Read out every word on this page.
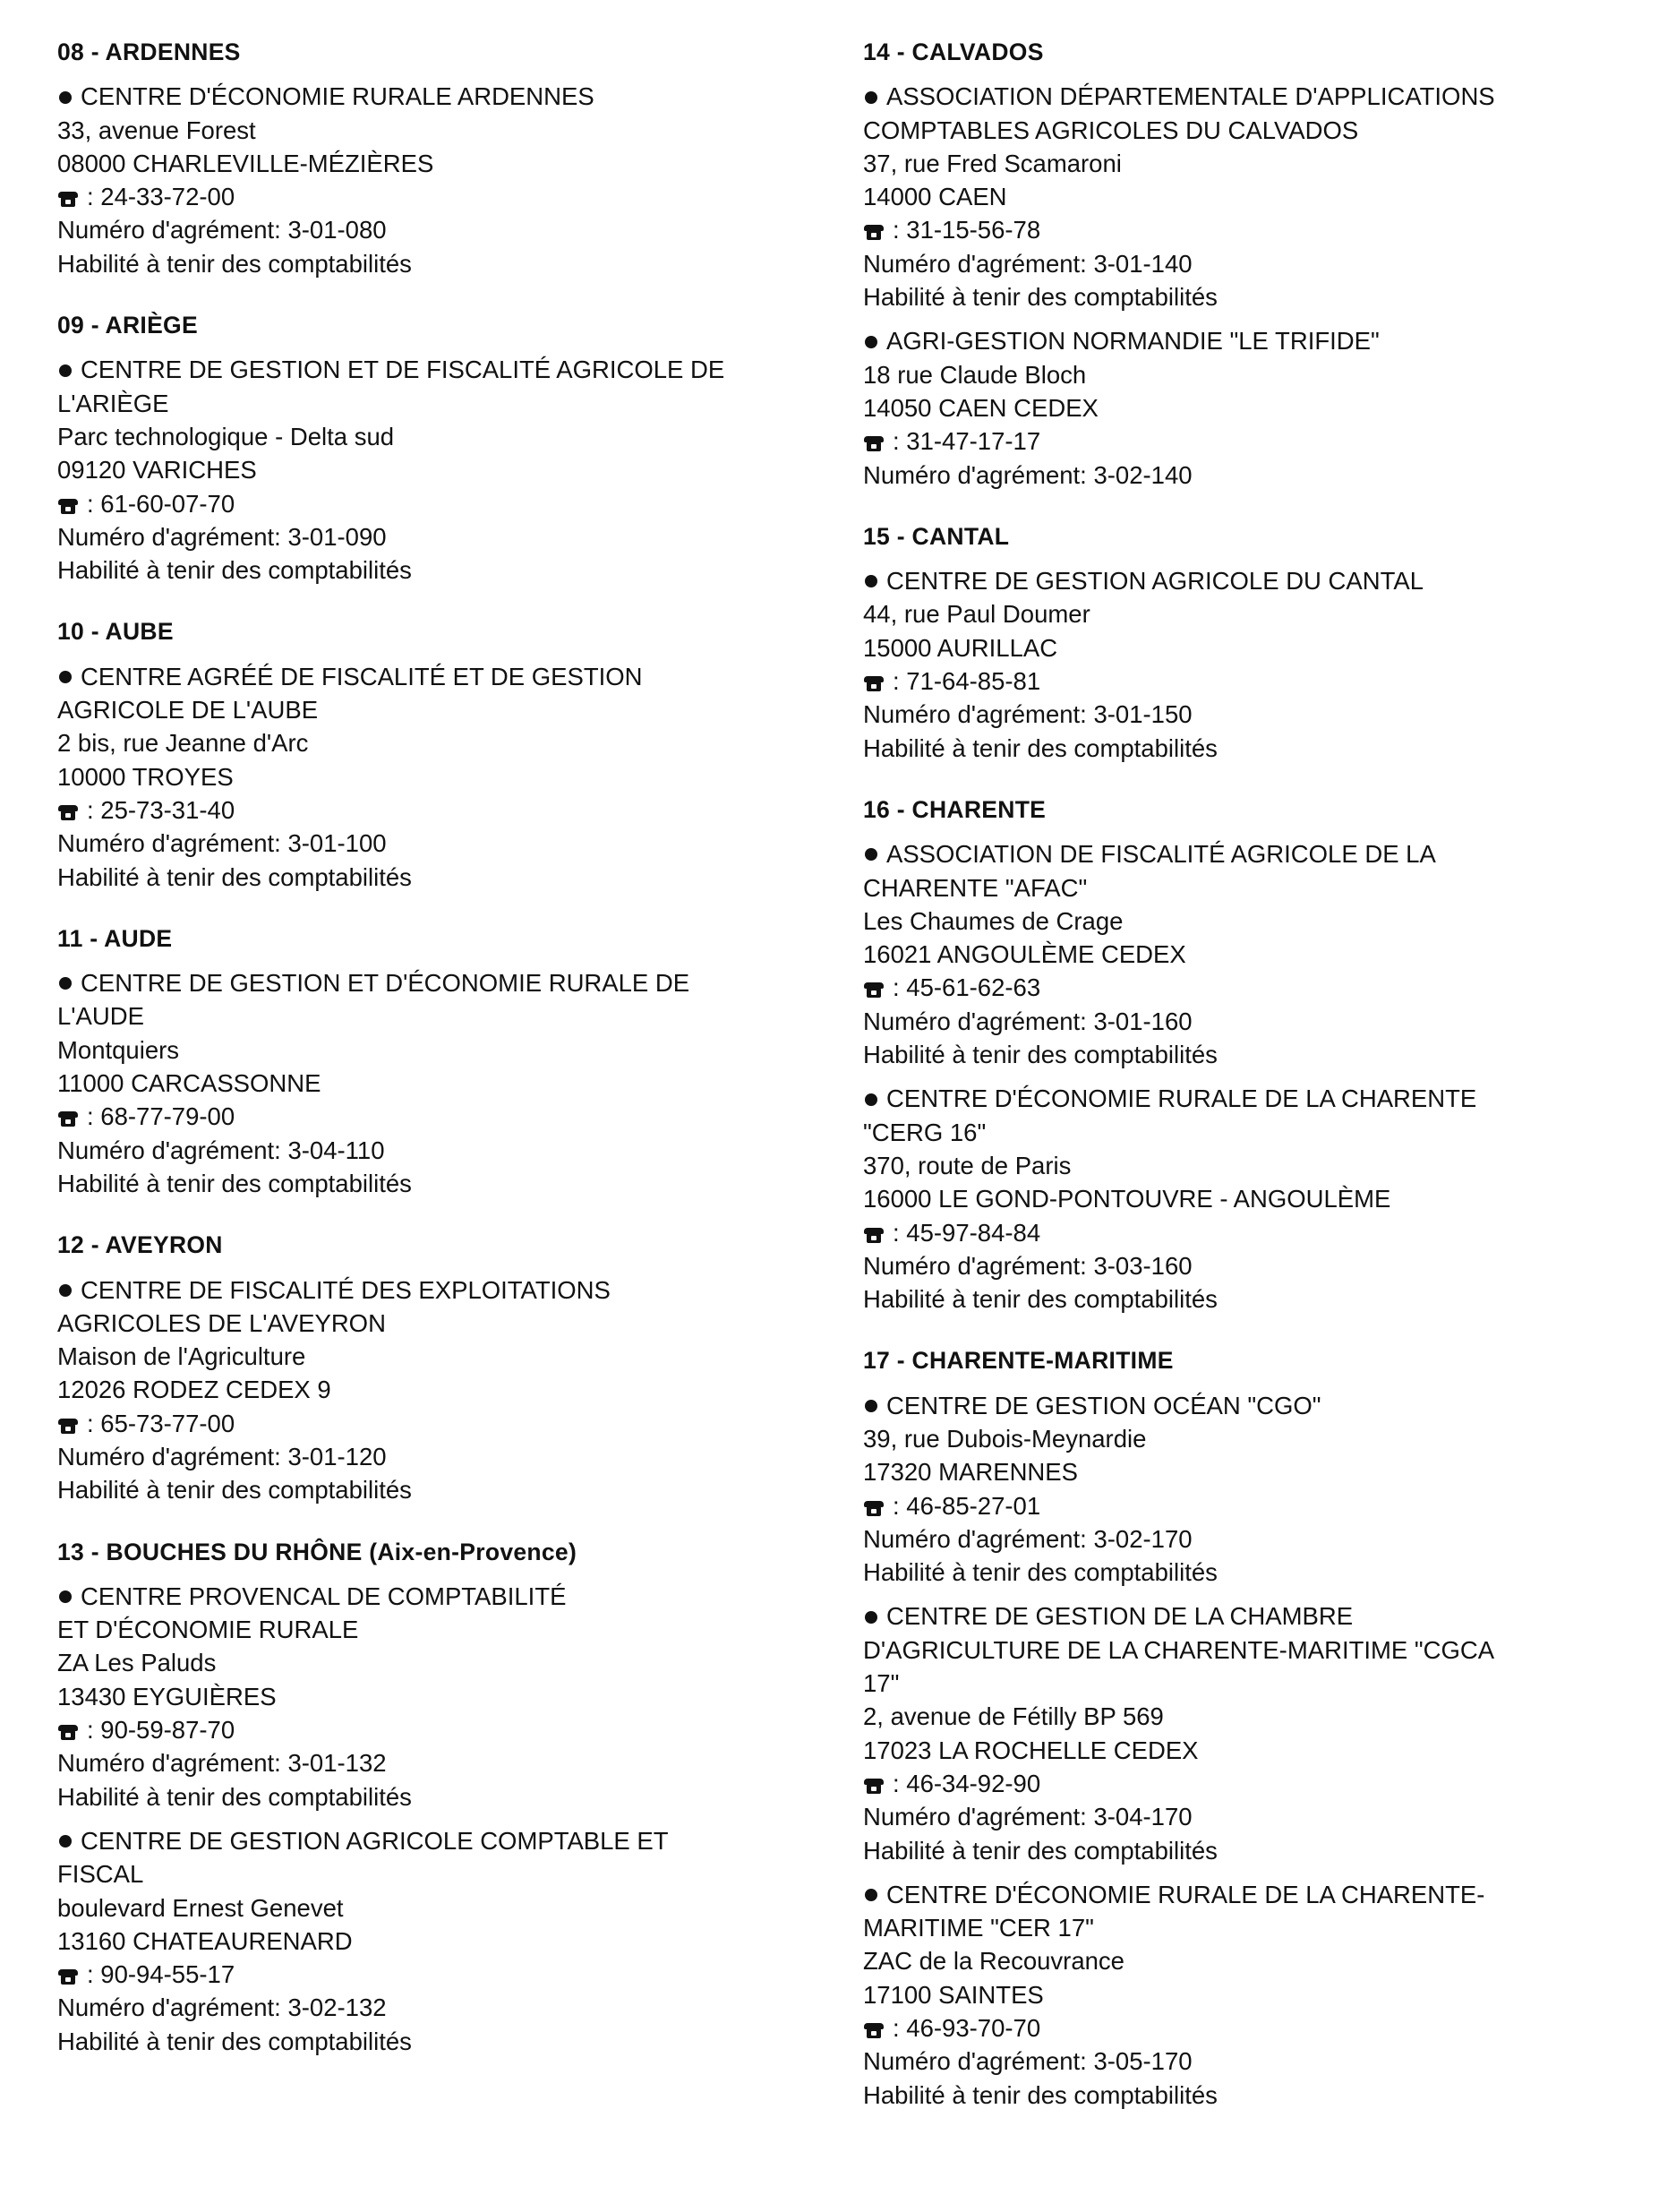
08 - ARDENNES
CENTRE D'ÉCONOMIE RURALE ARDENNES
33, avenue Forest
08000 CHARLEVILLE-MÉZIÈRES
: 24-33-72-00
Numéro d'agrément: 3-01-080
Habilité à tenir des comptabilités
09 - ARIÈGE
CENTRE DE GESTION ET DE FISCALITÉ AGRICOLE DE
L'ARIÈGE
Parc technologique - Delta sud
09120 VARICHES
: 61-60-07-70
Numéro d'agrément: 3-01-090
Habilité à tenir des comptabilités
10 - AUBE
CENTRE AGRÉÉ DE FISCALITÉ ET DE GESTION
AGRICOLE DE L'AUBE
2 bis, rue Jeanne d'Arc
10000 TROYES
: 25-73-31-40
Numéro d'agrément: 3-01-100
Habilité à tenir des comptabilités
11 - AUDE
CENTRE DE GESTION ET D'ÉCONOMIE RURALE DE
L'AUDE
Montquiers
11000 CARCASSONNE
: 68-77-79-00
Numéro d'agrément: 3-04-110
Habilité à tenir des comptabilités
12 - AVEYRON
CENTRE DE FISCALITÉ DES EXPLOITATIONS
AGRICOLES DE L'AVEYRON
Maison de l'Agriculture
12026 RODEZ CEDEX 9
: 65-73-77-00
Numéro d'agrément: 3-01-120
Habilité à tenir des comptabilités
13 - BOUCHES DU RHÔNE (Aix-en-Provence)
CENTRE PROVENCAL DE COMPTABILITÉ
ET D'ÉCONOMIE RURALE
ZA Les Paluds
13430 EYGUIÈRES
: 90-59-87-70
Numéro d'agrément: 3-01-132
Habilité à tenir des comptabilités
CENTRE DE GESTION AGRICOLE COMPTABLE ET
FISCAL
boulevard Ernest Genevet
13160 CHATEAURENARD
: 90-94-55-17
Numéro d'agrément: 3-02-132
Habilité à tenir des comptabilités
14 - CALVADOS
ASSOCIATION DÉPARTEMENTALE D'APPLICATIONS
COMPTABLES AGRICOLES DU CALVADOS
37, rue Fred Scamaroni
14000 CAEN
: 31-15-56-78
Numéro d'agrément: 3-01-140
Habilité à tenir des comptabilités
AGRI-GESTION NORMANDIE "LE TRIFIDE"
18 rue Claude Bloch
14050 CAEN CEDEX
: 31-47-17-17
Numéro d'agrément: 3-02-140
15 - CANTAL
CENTRE DE GESTION AGRICOLE DU CANTAL
44, rue Paul Doumer
15000 AURILLAC
: 71-64-85-81
Numéro d'agrément: 3-01-150
Habilité à tenir des comptabilités
16 - CHARENTE
ASSOCIATION DE FISCALITÉ AGRICOLE DE LA
CHARENTE "AFAC"
Les Chaumes de Crage
16021 ANGOULÈME CEDEX
: 45-61-62-63
Numéro d'agrément: 3-01-160
Habilité à tenir des comptabilités
CENTRE D'ÉCONOMIE RURALE DE LA CHARENTE
"CERG 16"
370, route de Paris
16000 LE GOND-PONTOUVRE - ANGOULÈME
: 45-97-84-84
Numéro d'agrément: 3-03-160
Habilité à tenir des comptabilités
17 - CHARENTE-MARITIME
CENTRE DE GESTION OCÉAN "CGO"
39, rue Dubois-Meynardie
17320 MARENNES
: 46-85-27-01
Numéro d'agrément: 3-02-170
Habilité à tenir des comptabilités
CENTRE DE GESTION DE LA CHAMBRE
D'AGRICULTURE DE LA CHARENTE-MARITIME "CGCA
17"
2, avenue de Fétilly BP 569
17023 LA ROCHELLE CEDEX
: 46-34-92-90
Numéro d'agrément: 3-04-170
Habilité à tenir des comptabilités
CENTRE D'ÉCONOMIE RURALE DE LA CHARENTE-
MARITIME "CER 17"
ZAC de la Recouvrance
17100 SAINTES
: 46-93-70-70
Numéro d'agrément: 3-05-170
Habilité à tenir des comptabilités
